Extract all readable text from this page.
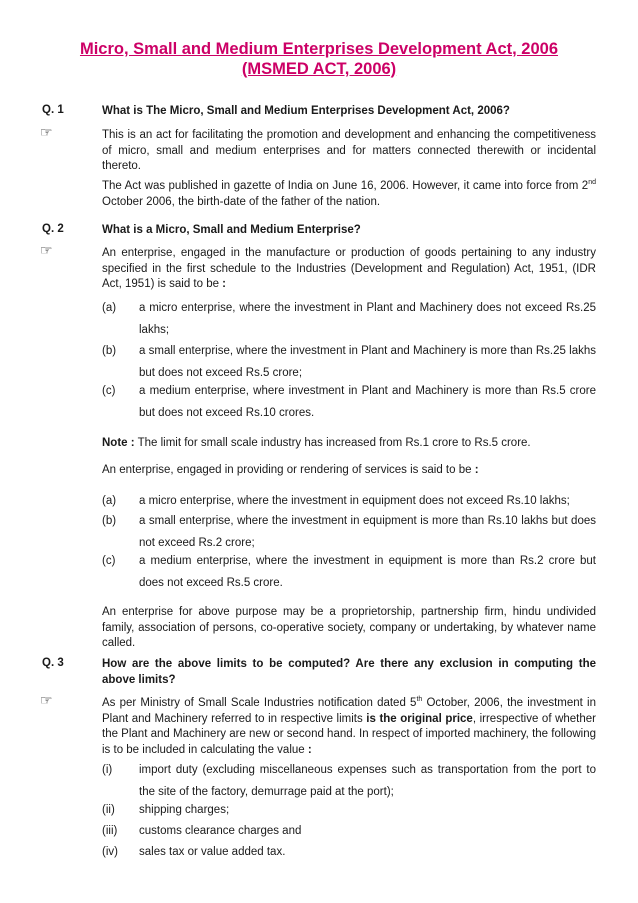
Micro, Small and Medium Enterprises Development Act, 2006
(MSMED ACT, 2006)
Q. 1	What is The Micro, Small and Medium Enterprises Development Act, 2006?
☞	This is an act for facilitating the promotion and development and enhancing the competitiveness of micro, small and medium enterprises and for matters connected therewith or incidental thereto.
The Act was published in gazette of India on June 16, 2006. However, it came into force from 2nd October 2006, the birth-date of the father of the nation.
Q. 2	What is a Micro, Small and Medium Enterprise?
☞	An enterprise, engaged in the manufacture or production of goods pertaining to any industry specified in the first schedule to the Industries (Development and Regulation) Act, 1951, (IDR Act, 1951) is said to be :
(a) a micro enterprise, where the investment in Plant and Machinery does not exceed Rs.25 lakhs;
(b) a small enterprise, where the investment in Plant and Machinery is more than Rs.25 lakhs but does not exceed Rs.5 crore;
(c) a medium enterprise, where investment in Plant and Machinery is more than Rs.5 crore but does not exceed Rs.10 crores.
Note : The limit for small scale industry has increased from Rs.1 crore to Rs.5 crore.
An enterprise, engaged in providing or rendering of services is said to be :
(a) a micro enterprise, where the investment in equipment does not exceed Rs.10 lakhs;
(b) a small enterprise, where the investment in equipment is more than Rs.10 lakhs but does not exceed Rs.2 crore;
(c) a medium enterprise, where the investment in equipment is more than Rs.2 crore but does not exceed Rs.5 crore.
An enterprise for above purpose may be a proprietorship, partnership firm, hindu undivided family, association of persons, co-operative society, company or undertaking, by whatever name called.
Q. 3	How are the above limits to be computed? Are there any exclusion in computing the above limits?
☞	As per Ministry of Small Scale Industries notification dated 5th October, 2006, the investment in Plant and Machinery referred to in respective limits is the original price, irrespective of whether the Plant and Machinery are new or second hand. In respect of imported machinery, the following is to be included in calculating the value :
(i) import duty (excluding miscellaneous expenses such as transportation from the port to the site of the factory, demurrage paid at the port);
(ii) shipping charges;
(iii) customs clearance charges and
(iv) sales tax or value added tax.
